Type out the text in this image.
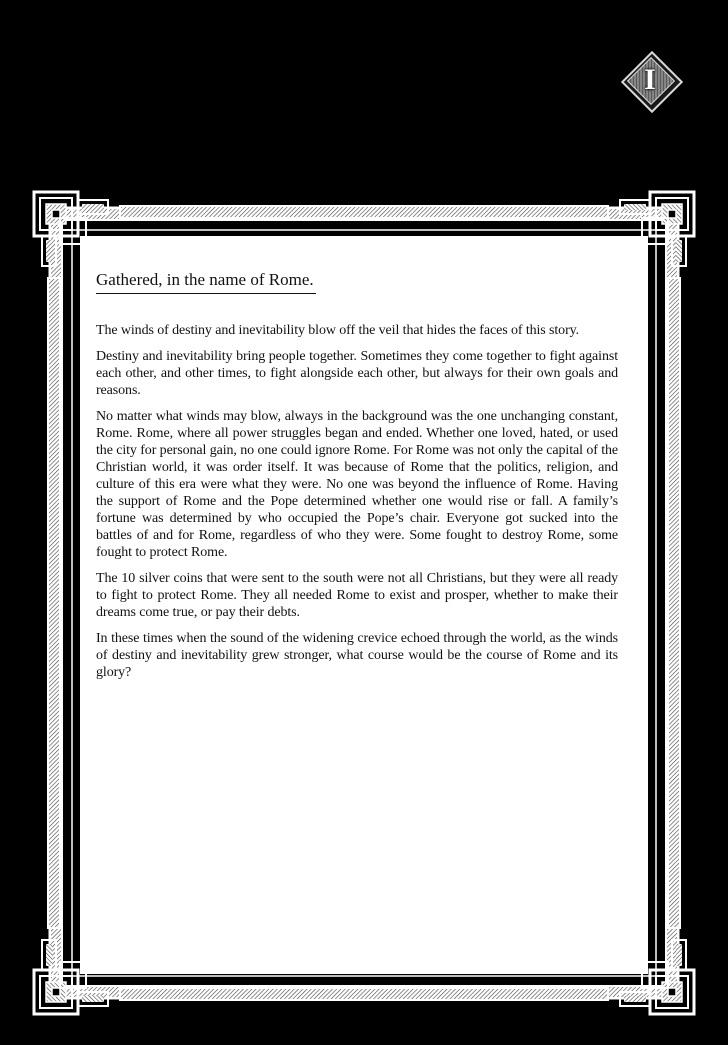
I
Gathered, in the name of Rome.

The winds of destiny and inevitability blow off the veil that hides the faces of this story.

Destiny and inevitability bring people together. Sometimes they come together to fight against each other, and other times, to fight alongside each other, but always for their own goals and reasons.

No matter what winds may blow, always in the background was the one unchanging constant, Rome. Rome, where all power struggles began and ended. Whether one loved, hated, or used the city for personal gain, no one could ignore Rome. For Rome was not only the capital of the Christian world, it was order itself. It was because of Rome that the politics, religion, and culture of this era were what they were. No one was beyond the influence of Rome. Having the support of Rome and the Pope determined whether one would rise or fall. A family’s fortune was determined by who occupied the Pope’s chair. Everyone got sucked into the battles of and for Rome, regardless of who they were. Some fought to destroy Rome, some fought to protect Rome.

The 10 silver coins that were sent to the south were not all Christians, but they were all ready to fight to protect Rome. They all needed Rome to exist and prosper, whether to make their dreams come true, or pay their debts.

In these times when the sound of the widening crevice echoed through the world, as the winds of destiny and inevitability grew stronger, what course would be the course of Rome and its glory?
